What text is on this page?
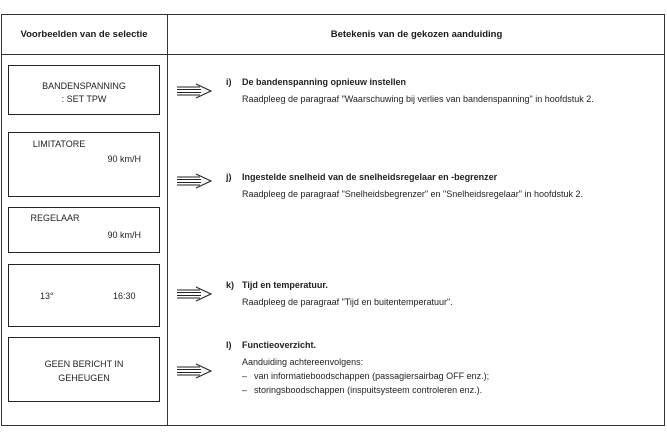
Voorbeelden van de selectie	Betekenis van de gekozen aanduiding
BANDENSPANNING
: SET TPW
LIMITATORE
90 km/H
REGELAAR
90 km/H
13°	16:30
GEEN BERICHT IN
GEHEUGEN
i) De bandenspanning opnieuw instellen
Raadpleeg de paragraaf "Waarschuwing bij verlies van bandenspanning" in hoofdstuk 2.
j) Ingestelde snelheid van de snelheidsregelaar en -begrenzer
Raadpleeg de paragraaf "Snelheidsbegrenzer" en "Snelheidsregelaar" in hoofdstuk 2.
k) Tijd en temperatuur.
Raadpleeg de paragraaf "Tijd en buitentemperatuur".
l) Functieoverzicht.
Aanduiding achtereenvolgens:
– van informatieboodschappen (passagiersairbag OFF enz.);
– storingsboodschappen (inspuitsysteem controleren enz.).
